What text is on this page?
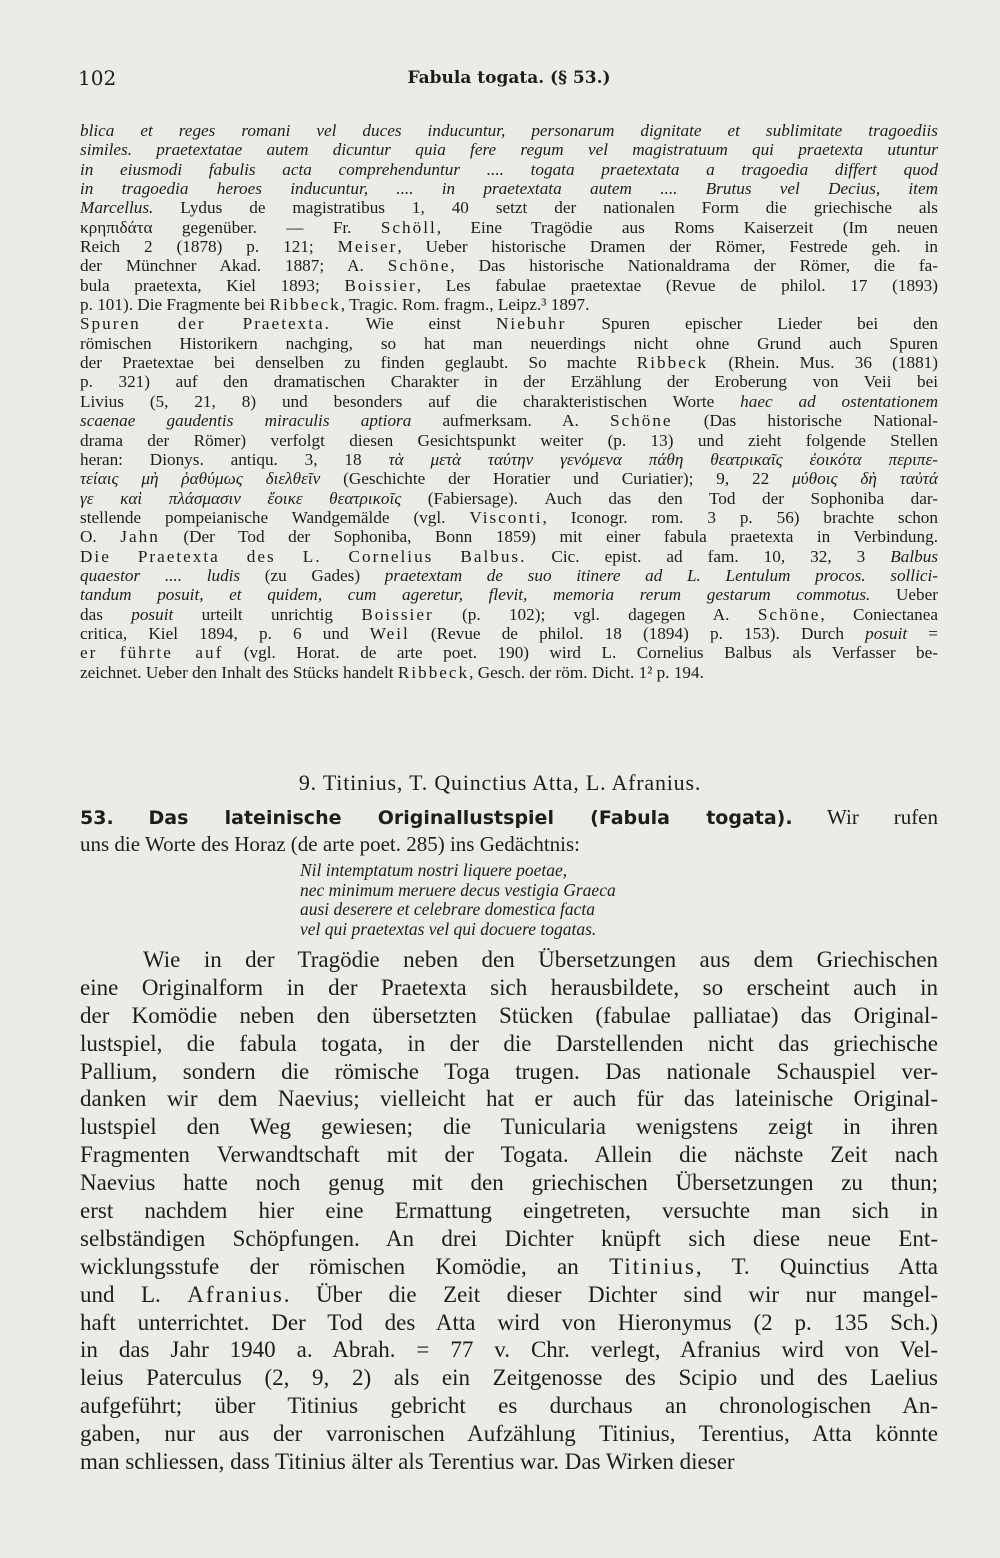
102	Fabula togata. (§ 53.)
blica et reges romani vel duces inducuntur, personarum dignitate et sublimitate tragoediis
similes. praetextatae autem dicuntur quia fere regum vel magistratuum qui praetexta utuntur
in eiusmodi fabulis acta comprehenduntur .... togata praetextata a tragoedia differt quod
in tragoedia heroes inducuntur, .... in praetextata autem .... Brutus vel Decius, item
Marcellus. Lydus de magistratibus 1, 40 setzt der nationalen Form die griechische als
κρηπιδάτα gegenüber. — Fr. Schöll, Eine Tragödie aus Roms Kaiserzeit (Im neuen
Reich 2 (1878) p. 121; Meiser, Ueber historische Dramen der Römer, Festrede geh. in
der Münchner Akad. 1887; A. Schöne, Das historische Nationaldrama der Römer, die fa-
bula praetexta, Kiel 1893; Boissier, Les fabulae praetextae (Revue de philol. 17 (1893)
p. 101). Die Fragmente bei Ribbeck, Tragic. Rom. fragm., Leipz.³ 1897.
Spuren der Praetexta. Wie einst Niebuhr Spuren epischer Lieder bei den
römischen Historikern nachging, so hat man neuerdings nicht ohne Grund auch Spuren
der Praetextae bei denselben zu finden geglaubt. So machte Ribbeck (Rhein. Mus. 36 (1881)
p. 321) auf den dramatischen Charakter in der Erzählung der Eroberung von Veii bei
Livius (5, 21, 8) und besonders auf die charakteristischen Worte haec ad ostentationem
scaenae gaudentis miraculis aptiora aufmerksam. A. Schöne (Das historische National-
drama der Römer) verfolgt diesen Gesichtspunkt weiter (p. 13) und zieht folgende Stellen
heran: Dionys. antiqu. 3, 18 τὰ μετὰ ταύτην γενόμενα πάθη θεατρικαῖς ἐοικότα περιπε-
τείαις μὴ ῥαθύμως διελθεῖν (Geschichte der Horatier und Curiatier); 9, 22 μύθοις δὴ ταὐτά
γε καὶ πλάσμασιν ἔοικε θεατρικοῖς (Fabiersage). Auch das den Tod der Sophoniba dar-
stellende pompeianische Wandgemälde (vgl. Visconti, Iconogr. rom. 3 p. 56) brachte schon
O. Jahn (Der Tod der Sophoniba, Bonn 1859) mit einer fabula praetexta in Verbindung.
Die Praetexta des L. Cornelius Balbus. Cic. epist. ad fam. 10, 32, 3 Balbus
quaestor .... ludis (zu Gades) praetextam de suo itinere ad L. Lentulum procos. sollici-
tandum posuit, et quidem, cum ageretur, flevit, memoria rerum gestarum commotus. Ueber
das posuit urteilt unrichtig Boissier (p. 102); vgl. dagegen A. Schöne, Coniectanea
critica, Kiel 1894, p. 6 und Weil (Revue de philol. 18 (1894) p. 153). Durch posuit =
er führte auf (vgl. Horat. de arte poet. 190) wird L. Cornelius Balbus als Verfasser be-
zeichnet. Ueber den Inhalt des Stücks handelt Ribbeck, Gesch. der röm. Dicht. 1² p. 194.
9. Titinius, T. Quinctius Atta, L. Afranius.
53. Das lateinische Originallustspiel (Fabula togata). Wir rufen
uns die Worte des Horaz (de arte poet. 285) ins Gedächtnis:
Nil intemptatum nostri liquere poetae,
nec minimum meruere decus vestigia Graeca
ausi deserere et celebrare domestica facta
vel qui praetextas vel qui docuere togatas.
Wie in der Tragödie neben den Übersetzungen aus dem Griechischen
eine Originalform in der Praetexta sich herausbildete, so erscheint auch in
der Komödie neben den übersetzten Stücken (fabulae palliatae) das Original-
lustspiel, die fabula togata, in der die Darstellenden nicht das griechische
Pallium, sondern die römische Toga trugen. Das nationale Schauspiel ver-
danken wir dem Naevius; vielleicht hat er auch für das lateinische Original-
lustspiel den Weg gewiesen; die Tunicularia wenigstens zeigt in ihren
Fragmenten Verwandtschaft mit der Togata. Allein die nächste Zeit nach
Naevius hatte noch genug mit den griechischen Übersetzungen zu thun;
erst nachdem hier eine Ermattung eingetreten, versuchte man sich in
selbständigen Schöpfungen. An drei Dichter knüpft sich diese neue Ent-
wicklungsstufe der römischen Komödie, an Titinius, T. Quinctius Atta
und L. Afranius. Über die Zeit dieser Dichter sind wir nur mangel-
haft unterrichtet. Der Tod des Atta wird von Hieronymus (2 p. 135 Sch.)
in das Jahr 1940 a. Abrah. = 77 v. Chr. verlegt, Afranius wird von Vel-
leius Paterculus (2, 9, 2) als ein Zeitgenosse des Scipio und des Laelius
aufgeführt; über Titinius gebricht es durchaus an chronologischen An-
gaben, nur aus der varronischen Aufzählung Titinius, Terentius, Atta könnte
man schliessen, dass Titinius älter als Terentius war. Das Wirken dieser
